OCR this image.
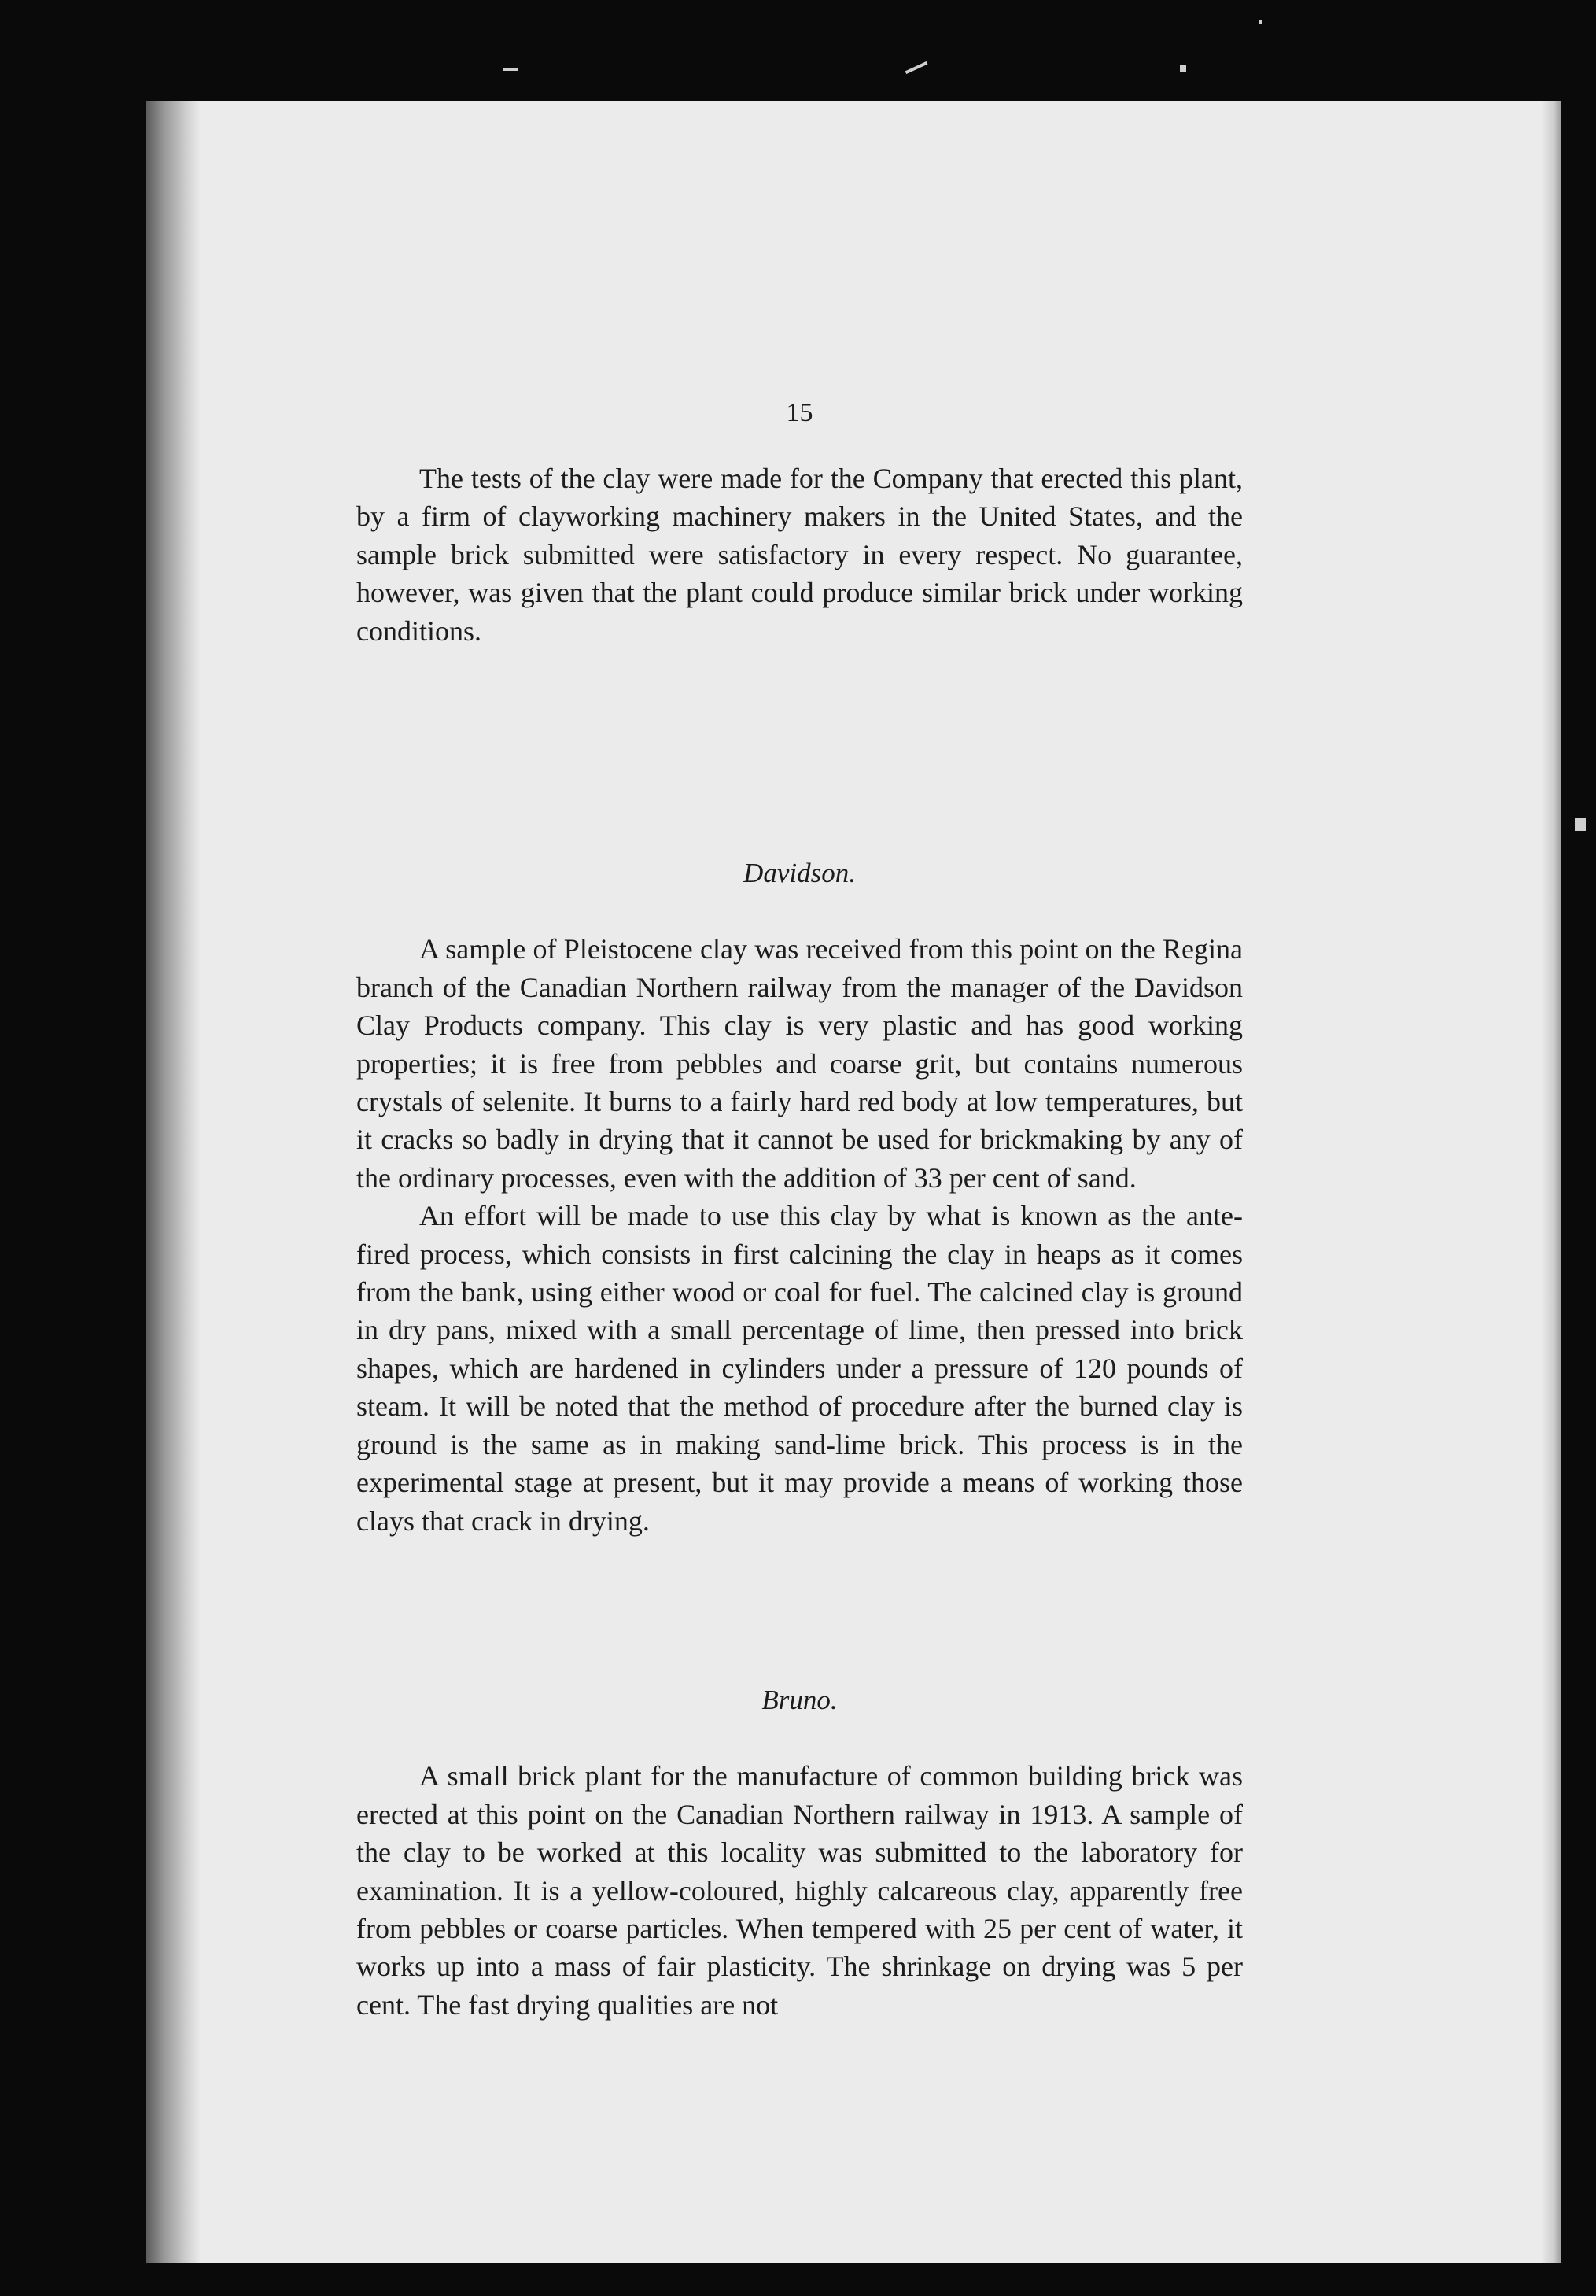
15

The tests of the clay were made for the Company that erected this plant, by a firm of clayworking machinery makers in the United States, and the sample brick submitted were satisfactory in every respect. No guarantee, however, was given that the plant could produce similar brick under working conditions.

Davidson.

A sample of Pleistocene clay was received from this point on the Regina branch of the Canadian Northern railway from the manager of the Davidson Clay Products company. This clay is very plastic and has good working properties; it is free from pebbles and coarse grit, but contains numerous crystals of selenite. It burns to a fairly hard red body at low temperatures, but it cracks so badly in drying that it cannot be used for brickmaking by any of the ordinary processes, even with the addition of 33 per cent of sand.

An effort will be made to use this clay by what is known as the ante-fired process, which consists in first calcining the clay in heaps as it comes from the bank, using either wood or coal for fuel. The calcined clay is ground in dry pans, mixed with a small percentage of lime, then pressed into brick shapes, which are hardened in cylinders under a pressure of 120 pounds of steam. It will be noted that the method of procedure after the burned clay is ground is the same as in making sand-lime brick. This process is in the experimental stage at present, but it may provide a means of working those clays that crack in drying.

Bruno.

A small brick plant for the manufacture of common building brick was erected at this point on the Canadian Northern railway in 1913. A sample of the clay to be worked at this locality was submitted to the laboratory for examination. It is a yellow-coloured, highly calcareous clay, apparently free from pebbles or coarse particles. When tempered with 25 per cent of water, it works up into a mass of fair plasticity. The shrinkage on drying was 5 per cent. The fast drying qualities are not
